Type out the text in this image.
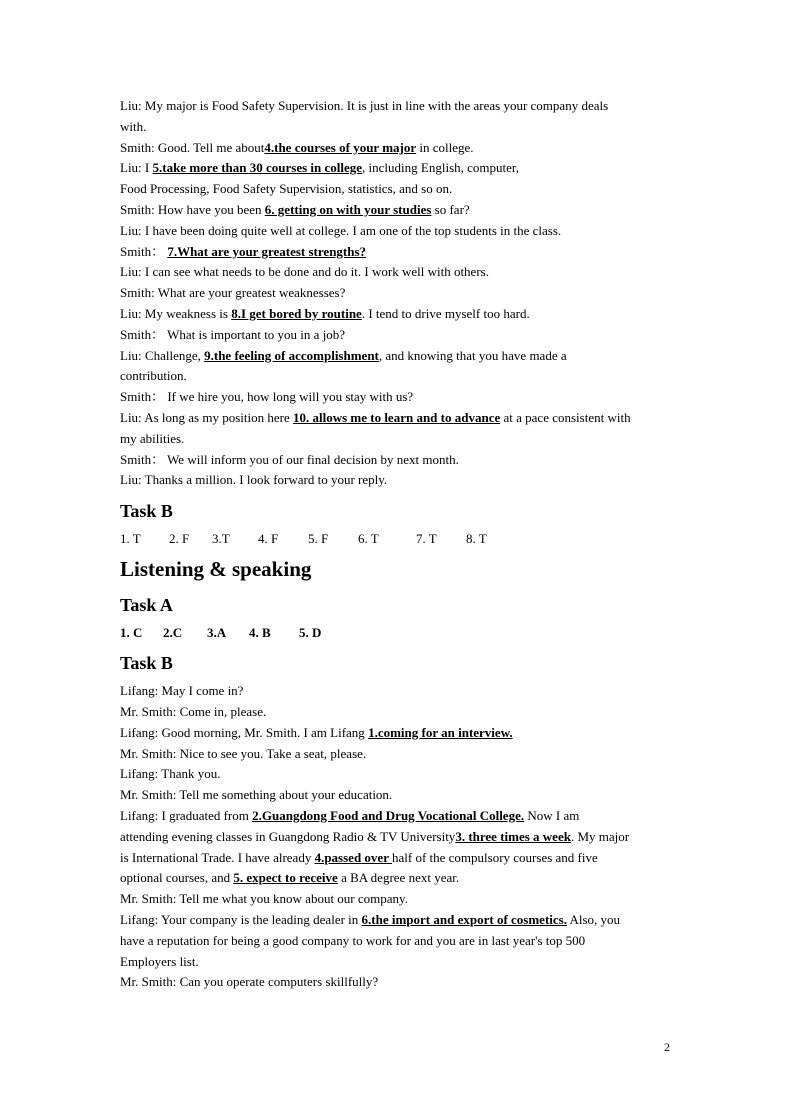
Liu: My major is Food Safety Supervision. It is just in line with the areas your company deals
with.
Smith: Good. Tell me about4.the courses of your major in college.
Liu: I 5.take more than 30 courses in college, including English, computer,
Food Processing, Food Safety Supervision, statistics, and so on.
Smith: How have you been 6. getting on with your studies so far?
Liu: I have been doing quite well at college. I am one of the top students in the class.
Smith： 7.What are your greatest strengths?
Liu: I can see what needs to be done and do it. I work well with others.
Smith: What are your greatest weaknesses?
Liu: My weakness is 8.I get bored by routine. I tend to drive myself too hard.
Smith： What is important to you in a job?
Liu: Challenge, 9.the feeling of accomplishment, and knowing that you have made a
contribution.
Smith： If we hire you, how long will you stay with us?
Liu: As long as my position here 10. allows me to learn and to advance at a pace consistent with
my abilities.
Smith： We will inform you of our final decision by next month.
Liu: Thanks a million. I look forward to your reply.
Task B
1. T 2. F 3.T 4. F 5. F 6. T	7. T 8. T
Listening & speaking
Task A
1. C 2.C 3.A 4. B 5. D
Task B
Lifang: May I come in?
Mr. Smith: Come in, please.
Lifang: Good morning, Mr. Smith. I am Lifang 1.coming for an interview.
Mr. Smith: Nice to see you. Take a seat, please.
Lifang: Thank you.
Mr. Smith: Tell me something about your education.
Lifang: I graduated from 2.Guangdong Food and Drug Vocational College. Now I am
attending evening classes in Guangdong Radio & TV University3. three times a week. My major
is International Trade. I have already 4.passed over half of the compulsory courses and five
optional courses, and 5. expect to receive a BA degree next year.
Mr. Smith: Tell me what you know about our company.
Lifang: Your company is the leading dealer in 6.the import and export of cosmetics. Also, you
have a reputation for being a good company to work for and you are in last year's top 500
Employers list.
Mr. Smith: Can you operate computers skillfully?
2
